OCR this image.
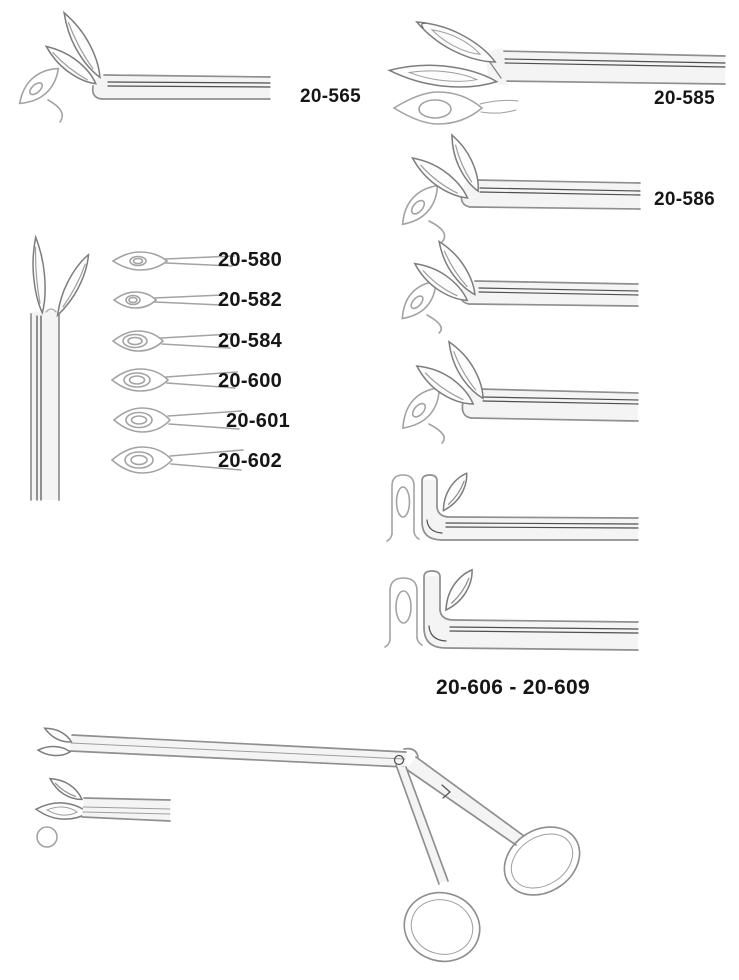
20-565	20-585
20-586
20-606 - 20-609
20-580
20-582
20-584
20-600
20-601
20-602
